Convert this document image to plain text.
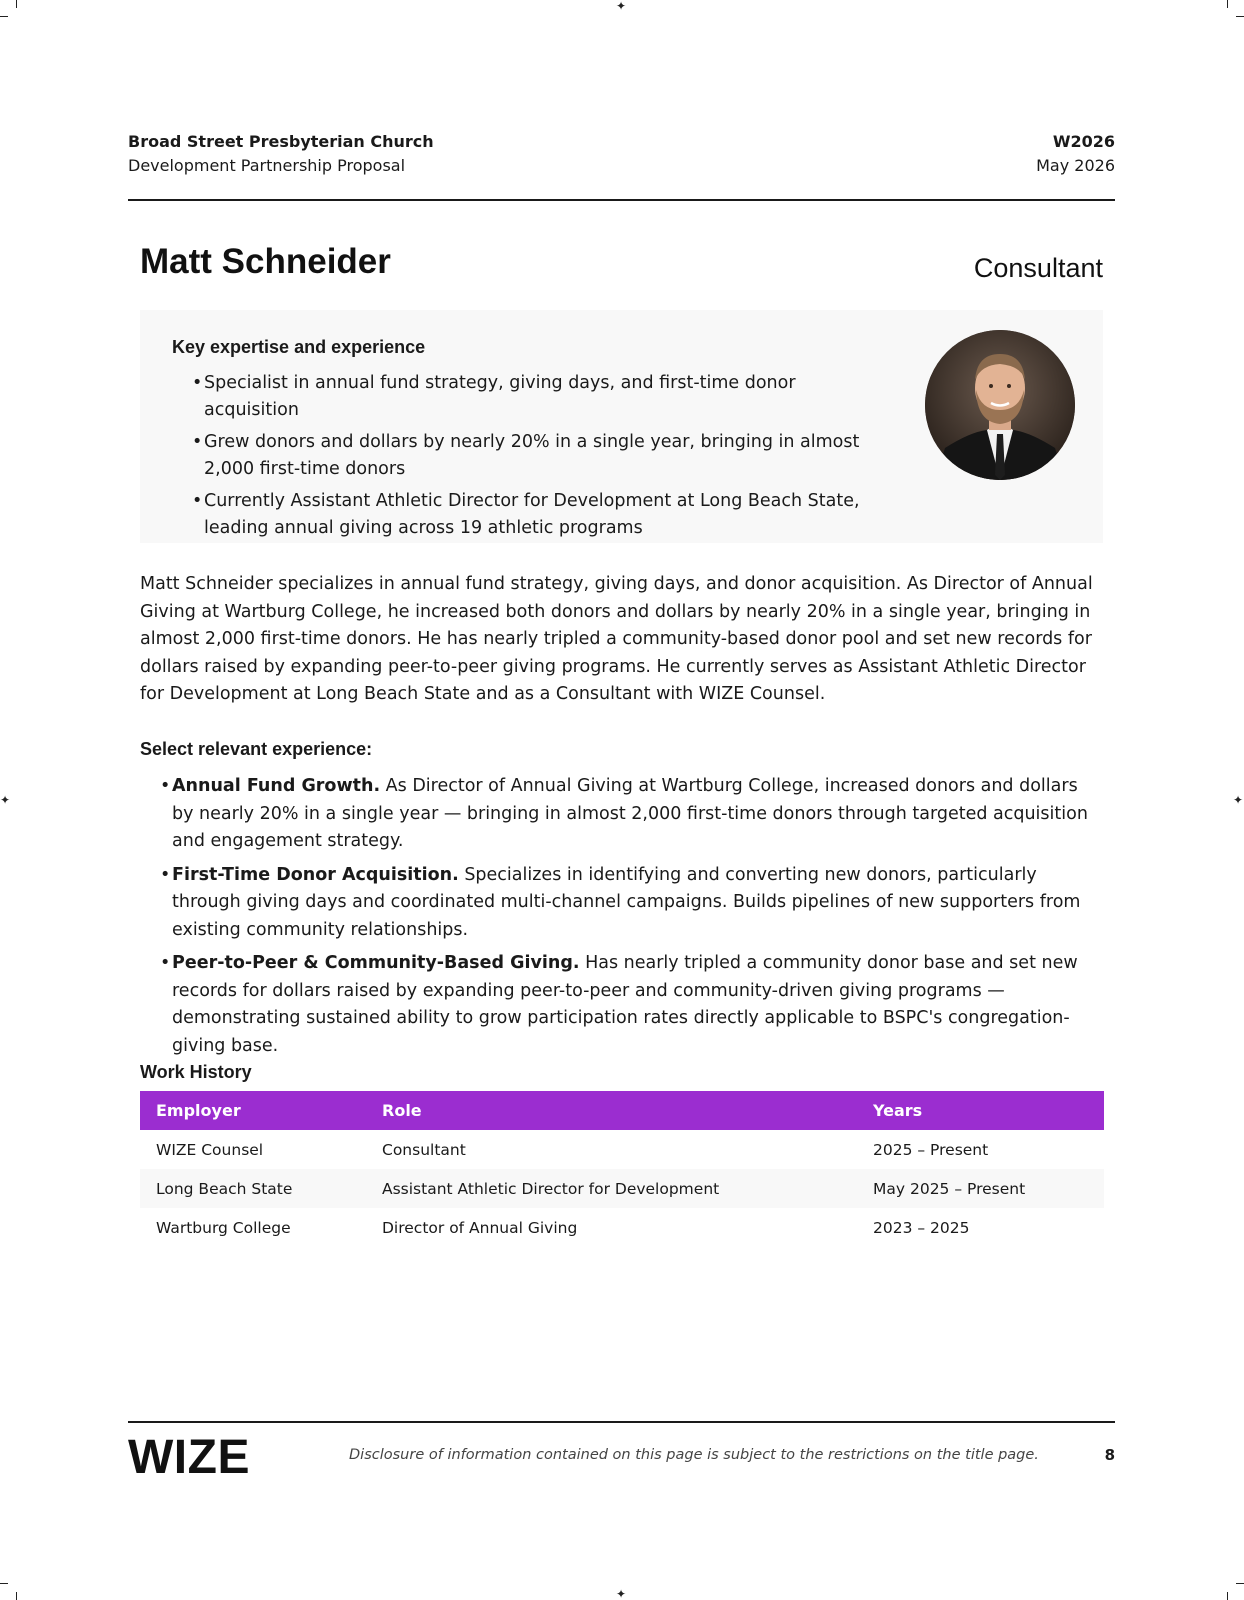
✦
✦
✦	✦
Broad Street Presbyterian Church
Development Partnership Proposal
W2026
May 2026
Matt Schneider	Consultant
Key expertise and experience
• Specialist in annual fund strategy, giving days, and first-time donor acquisition
• Grew donors and dollars by nearly 20% in a single year, bringing in almost 2,000 first-time donors
• Currently Assistant Athletic Director for Development at Long Beach State, leading annual giving across 19 athletic programs

Matt Schneider specializes in annual fund strategy, giving days, and donor acquisition. As Director of Annual Giving at Wartburg College, he increased both donors and dollars by nearly 20% in a single year, bringing in almost 2,000 first-time donors. He has nearly tripled a community-based donor pool and set new records for dollars raised by expanding peer-to-peer giving programs. He currently serves as Assistant Athletic Director for Development at Long Beach State and as a Consultant with WIZE Counsel.

Select relevant experience:
• Annual Fund Growth. As Director of Annual Giving at Wartburg College, increased donors and dollars by nearly 20% in a single year — bringing in almost 2,000 first-time donors through targeted acquisition and engagement strategy.
• First-Time Donor Acquisition. Specializes in identifying and converting new donors, particularly through giving days and coordinated multi-channel campaigns. Builds pipelines of new supporters from existing community relationships.
• Peer-to-Peer & Community-Based Giving. Has nearly tripled a community donor base and set new records for dollars raised by expanding peer-to-peer and community-driven giving programs — demonstrating sustained ability to grow participation rates directly applicable to BSPC's congregation-giving base.
Work History
Employer	Role	Years
WIZE Counsel	Consultant	2025 – Present
Long Beach State	Assistant Athletic Director for Development	May 2025 – Present
Wartburg College	Director of Annual Giving	2023 – 2025
WIZE	Disclosure of information contained on this page is subject to the restrictions on the title page.	8
